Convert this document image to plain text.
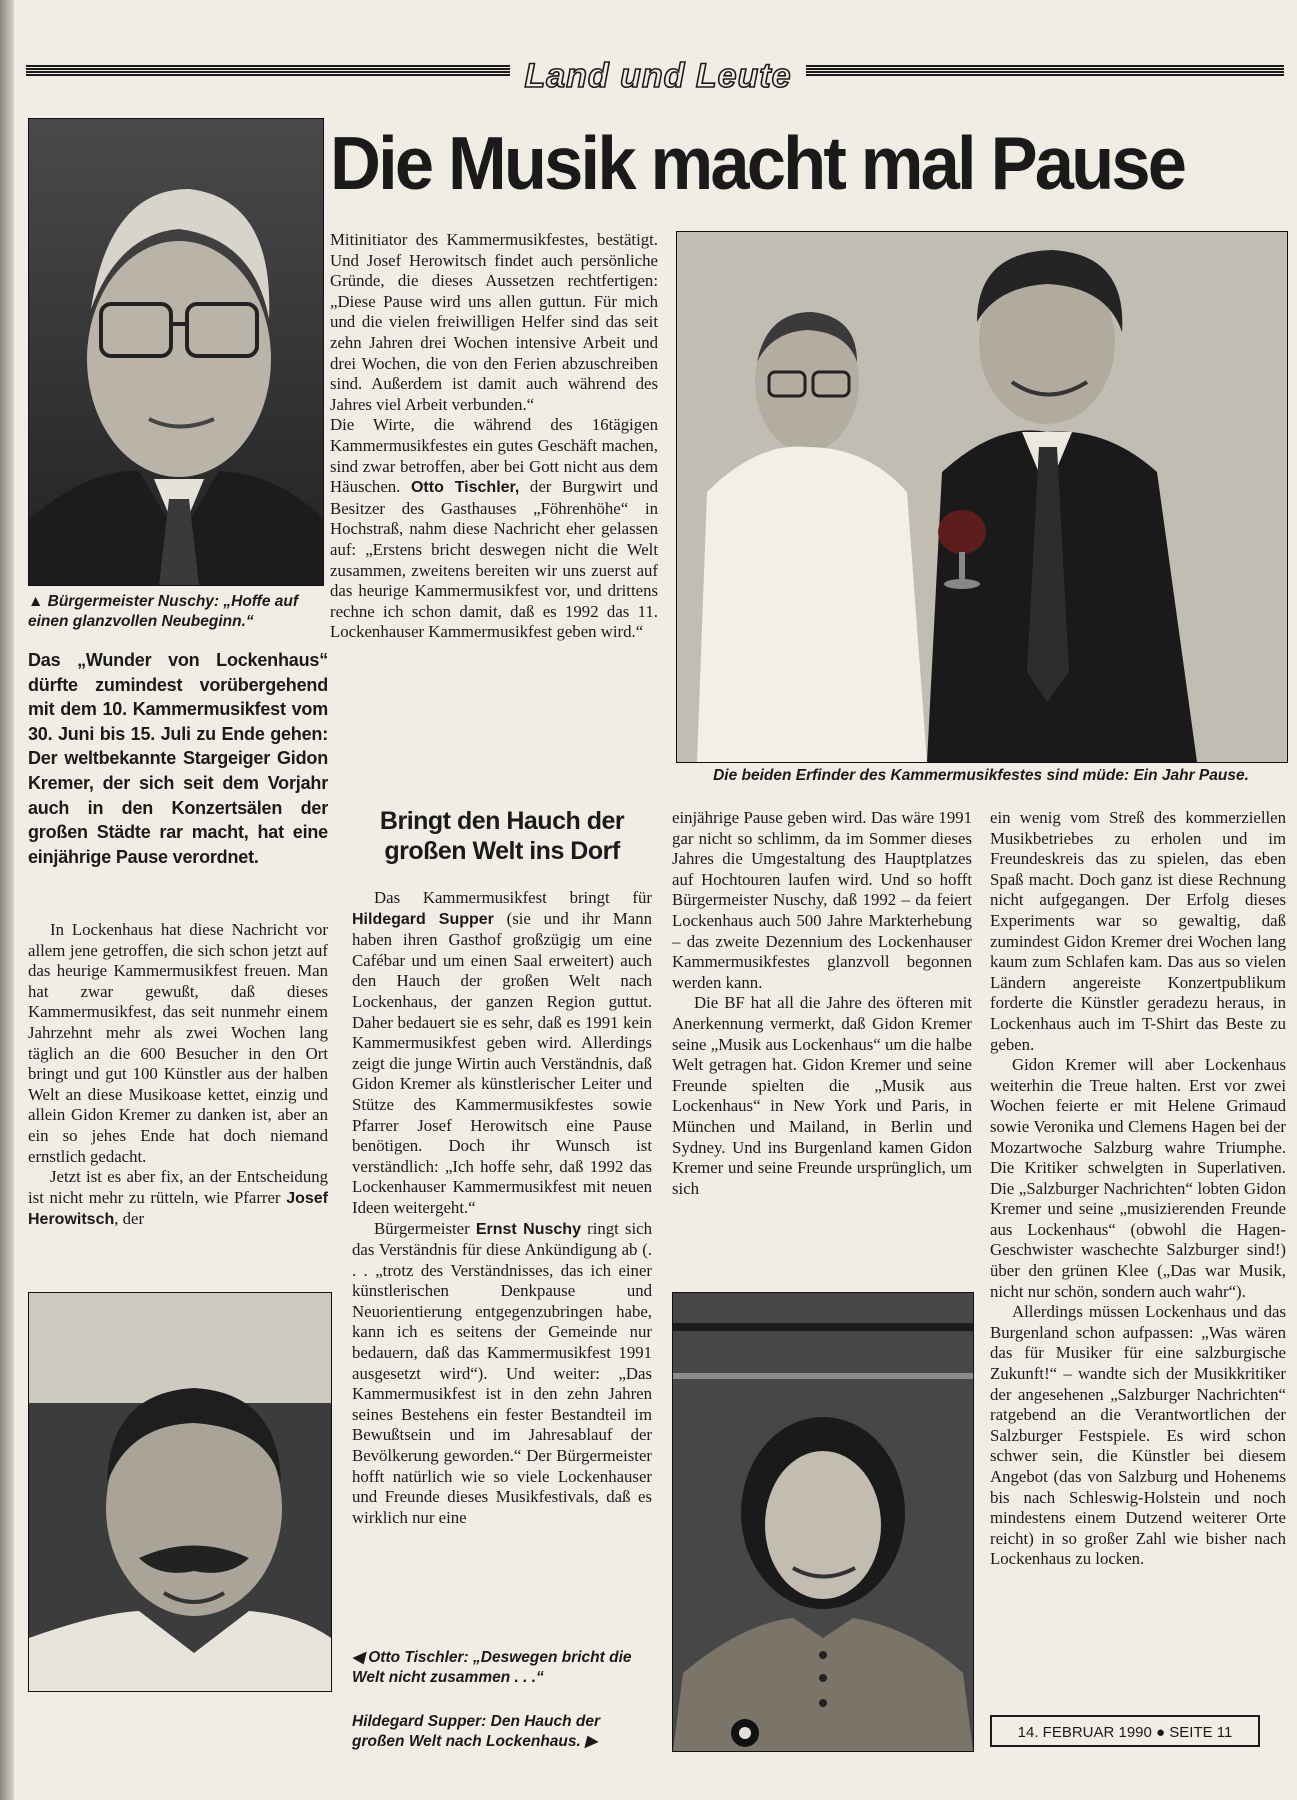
Land und Leute
Die Musik macht mal Pause
▲ Bürgermeister Nuschy: „Hoffe auf einen glanzvollen Neubeginn.“
Das „Wunder von Lockenhaus“ dürfte zumindest vorübergehend mit dem 10. Kammermusikfest vom 30. Juni bis 15. Juli zu Ende gehen: Der weltbekannte Stargeiger Gidon Kremer, der sich seit dem Vorjahr auch in den Konzertsälen der großen Städte rar macht, hat eine einjährige Pause verordnet.

In Lockenhaus hat diese Nachricht vor allem jene getroffen, die sich schon jetzt auf das heurige Kammermusikfest freuen. Man hat zwar gewußt, daß dieses Kammermusikfest, das seit nunmehr einem Jahrzehnt mehr als zwei Wochen lang täglich an die 600 Besucher in den Ort bringt und gut 100 Künstler aus der halben Welt an diese Musikoase kettet, einzig und allein Gidon Kremer zu danken ist, aber an ein so jehes Ende hat doch niemand ernstlich gedacht.

Jetzt ist es aber fix, an der Entscheidung ist nicht mehr zu rütteln, wie Pfarrer Josef Herowitsch, der

Die beiden Erfinder des Kammermusikfestes sind müde: Ein Jahr Pause.

Mitinitiator des Kammermusikfestes, bestätigt. Und Josef Herowitsch findet auch persönliche Gründe, die dieses Aussetzen rechtfertigen: „Diese Pause wird uns allen guttun. Für mich und die vielen freiwilligen Helfer sind das seit zehn Jahren drei Wochen intensive Arbeit und drei Wochen, die von den Ferien abzuschreiben sind. Außerdem ist damit auch während des Jahres viel Arbeit verbunden.“

Die Wirte, die während des 16tägigen Kammermusikfestes ein gutes Geschäft machen, sind zwar betroffen, aber bei Gott nicht aus dem Häuschen. Otto Tischler, der Burgwirt und Besitzer des Gasthauses „Föhrenhöhe“ in Hochstraß, nahm diese Nachricht eher gelassen auf: „Erstens bricht deswegen nicht die Welt zusammen, zweitens bereiten wir uns zuerst auf das heurige Kammermusikfest vor, und drittens rechne ich schon damit, daß es 1992 das 11. Lockenhauser Kammermusikfest geben wird.“

Bringt den Hauch der großen Welt ins Dorf

Das Kammermusikfest bringt für Hildegard Supper (sie und ihr Mann haben ihren Gasthof großzügig um eine Cafébar und um einen Saal erweitert) auch den Hauch der großen Welt nach Lockenhaus, der ganzen Region guttut. Daher bedauert sie es sehr, daß es 1991 kein Kammermusikfest geben wird. Allerdings zeigt die junge Wirtin auch Verständnis, daß Gidon Kremer als künstlerischer Leiter und Stütze des Kammermusikfestes sowie Pfarrer Josef Herowitsch eine Pause benötigen. Doch ihr Wunsch ist verständlich: „Ich hoffe sehr, daß 1992 das Lockenhauser Kammermusikfest mit neuen Ideen weitergeht.“

Bürgermeister Ernst Nuschy ringt sich das Verständnis für diese Ankündigung ab (. . . „trotz des Verständnisses, das ich einer künstlerischen Denkpause und Neuorientierung entgegenzubringen habe, kann ich es seitens der Gemeinde nur bedauern, daß das Kammermusikfest 1991 ausgesetzt wird“). Und weiter: „Das Kammermusikfest ist in den zehn Jahren seines Bestehens ein fester Bestandteil im Bewußtsein und im Jahresablauf der Bevölkerung geworden.“ Der Bürgermeister hofft natürlich wie so viele Lockenhauser und Freunde dieses Musikfestivals, daß es wirklich nur eine

◀ Otto Tischler: „Deswegen bricht die Welt nicht zusammen . . .“
Hildegard Supper: Den Hauch der großen Welt nach Lockenhaus. ▶

einjährige Pause geben wird. Das wäre 1991 gar nicht so schlimm, da im Sommer dieses Jahres die Umgestaltung des Hauptplatzes auf Hochtouren laufen wird. Und so hofft Bürgermeister Nuschy, daß 1992 – da feiert Lockenhaus auch 500 Jahre Markterhebung – das zweite Dezennium des Lockenhauser Kammermusikfestes glanzvoll begonnen werden kann.

Die BF hat all die Jahre des öfteren mit Anerkennung vermerkt, daß Gidon Kremer seine „Musik aus Lockenhaus“ um die halbe Welt getragen hat. Gidon Kremer und seine Freunde spielten die „Musik aus Lockenhaus“ in New York und Paris, in München und Mailand, in Berlin und Sydney. Und ins Burgenland kamen Gidon Kremer und seine Freunde ursprünglich, um sich

ein wenig vom Streß des kommerziellen Musikbetriebes zu erholen und im Freundeskreis das zu spielen, das eben Spaß macht. Doch ganz ist diese Rechnung nicht aufgegangen. Der Erfolg dieses Experiments war so gewaltig, daß zumindest Gidon Kremer drei Wochen lang kaum zum Schlafen kam. Das aus so vielen Ländern angereiste Konzertpublikum forderte die Künstler geradezu heraus, in Lockenhaus auch im T-Shirt das Beste zu geben.

Gidon Kremer will aber Lockenhaus weiterhin die Treue halten. Erst vor zwei Wochen feierte er mit Helene Grimaud sowie Veronika und Clemens Hagen bei der Mozartwoche Salzburg wahre Triumphe. Die Kritiker schwelgten in Superlativen. Die „Salzburger Nachrichten“ lobten Gidon Kremer und seine „musizierenden Freunde aus Lockenhaus“ (obwohl die Hagen-Geschwister waschechte Salzburger sind!) über den grünen Klee („Das war Musik, nicht nur schön, sondern auch wahr“).

Allerdings müssen Lockenhaus und das Burgenland schon aufpassen: „Was wären das für Musiker für eine salzburgische Zukunft!“ – wandte sich der Musikkritiker der angesehenen „Salzburger Nachrichten“ ratgebend an die Verantwortlichen der Salzburger Festspiele. Es wird schon schwer sein, die Künstler bei diesem Angebot (das von Salzburg und Hohenems bis nach Schleswig-Holstein und noch mindestens einem Dutzend weiterer Orte reicht) in so großer Zahl wie bisher nach Lockenhaus zu locken.

14. FEBRUAR 1990 ● SEITE 11
